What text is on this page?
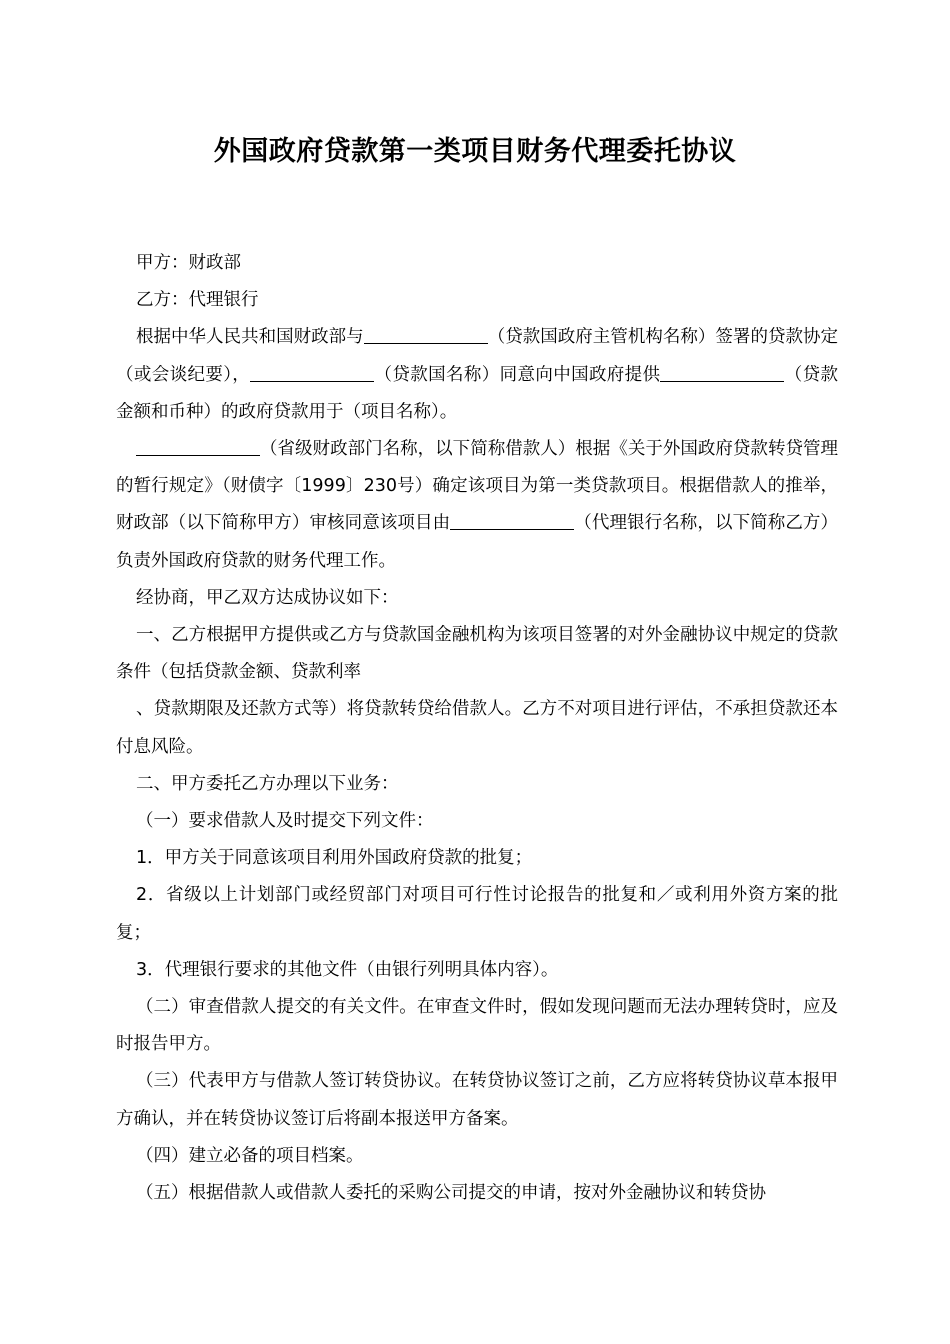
外国政府贷款第一类项目财务代理委托协议

甲方：财政部

乙方：代理银行

根据中华人民共和国财政部与	（贷款国政府主管机构名称）签署的贷款协定（或会谈纪要），	（贷款国名称）同意向中国政府提供	（贷款金额和币种）的政府贷款用于（项目名称）。

（省级财政部门名称，以下简称借款人）根据《关于外国政府贷款转贷管理的暂行规定》（财债字〔1999〕230号）确定该项目为第一类贷款项目。根据借款人的推举，财政部（以下简称甲方）审核同意该项目由	（代理银行名称，以下简称乙方）负责外国政府贷款的财务代理工作。

经协商，甲乙双方达成协议如下：

一、乙方根据甲方提供或乙方与贷款国金融机构为该项目签署的对外金融协议中规定的贷款条件（包括贷款金额、贷款利率

、贷款期限及还款方式等）将贷款转贷给借款人。乙方不对项目进行评估，不承担贷款还本付息风险。

二、甲方委托乙方办理以下业务：

（一）要求借款人及时提交下列文件：

1．甲方关于同意该项目利用外国政府贷款的批复；

2．省级以上计划部门或经贸部门对项目可行性讨论报告的批复和／或利用外资方案的批复；

3．代理银行要求的其他文件（由银行列明具体内容）。

（二）审查借款人提交的有关文件。在审查文件时，假如发现问题而无法办理转贷时，应及时报告甲方。

（三）代表甲方与借款人签订转贷协议。在转贷协议签订之前，乙方应将转贷协议草本报甲方确认，并在转贷协议签订后将副本报送甲方备案。

（四）建立必备的项目档案。

（五）根据借款人或借款人委托的采购公司提交的申请，按对外金融协议和转贷协
